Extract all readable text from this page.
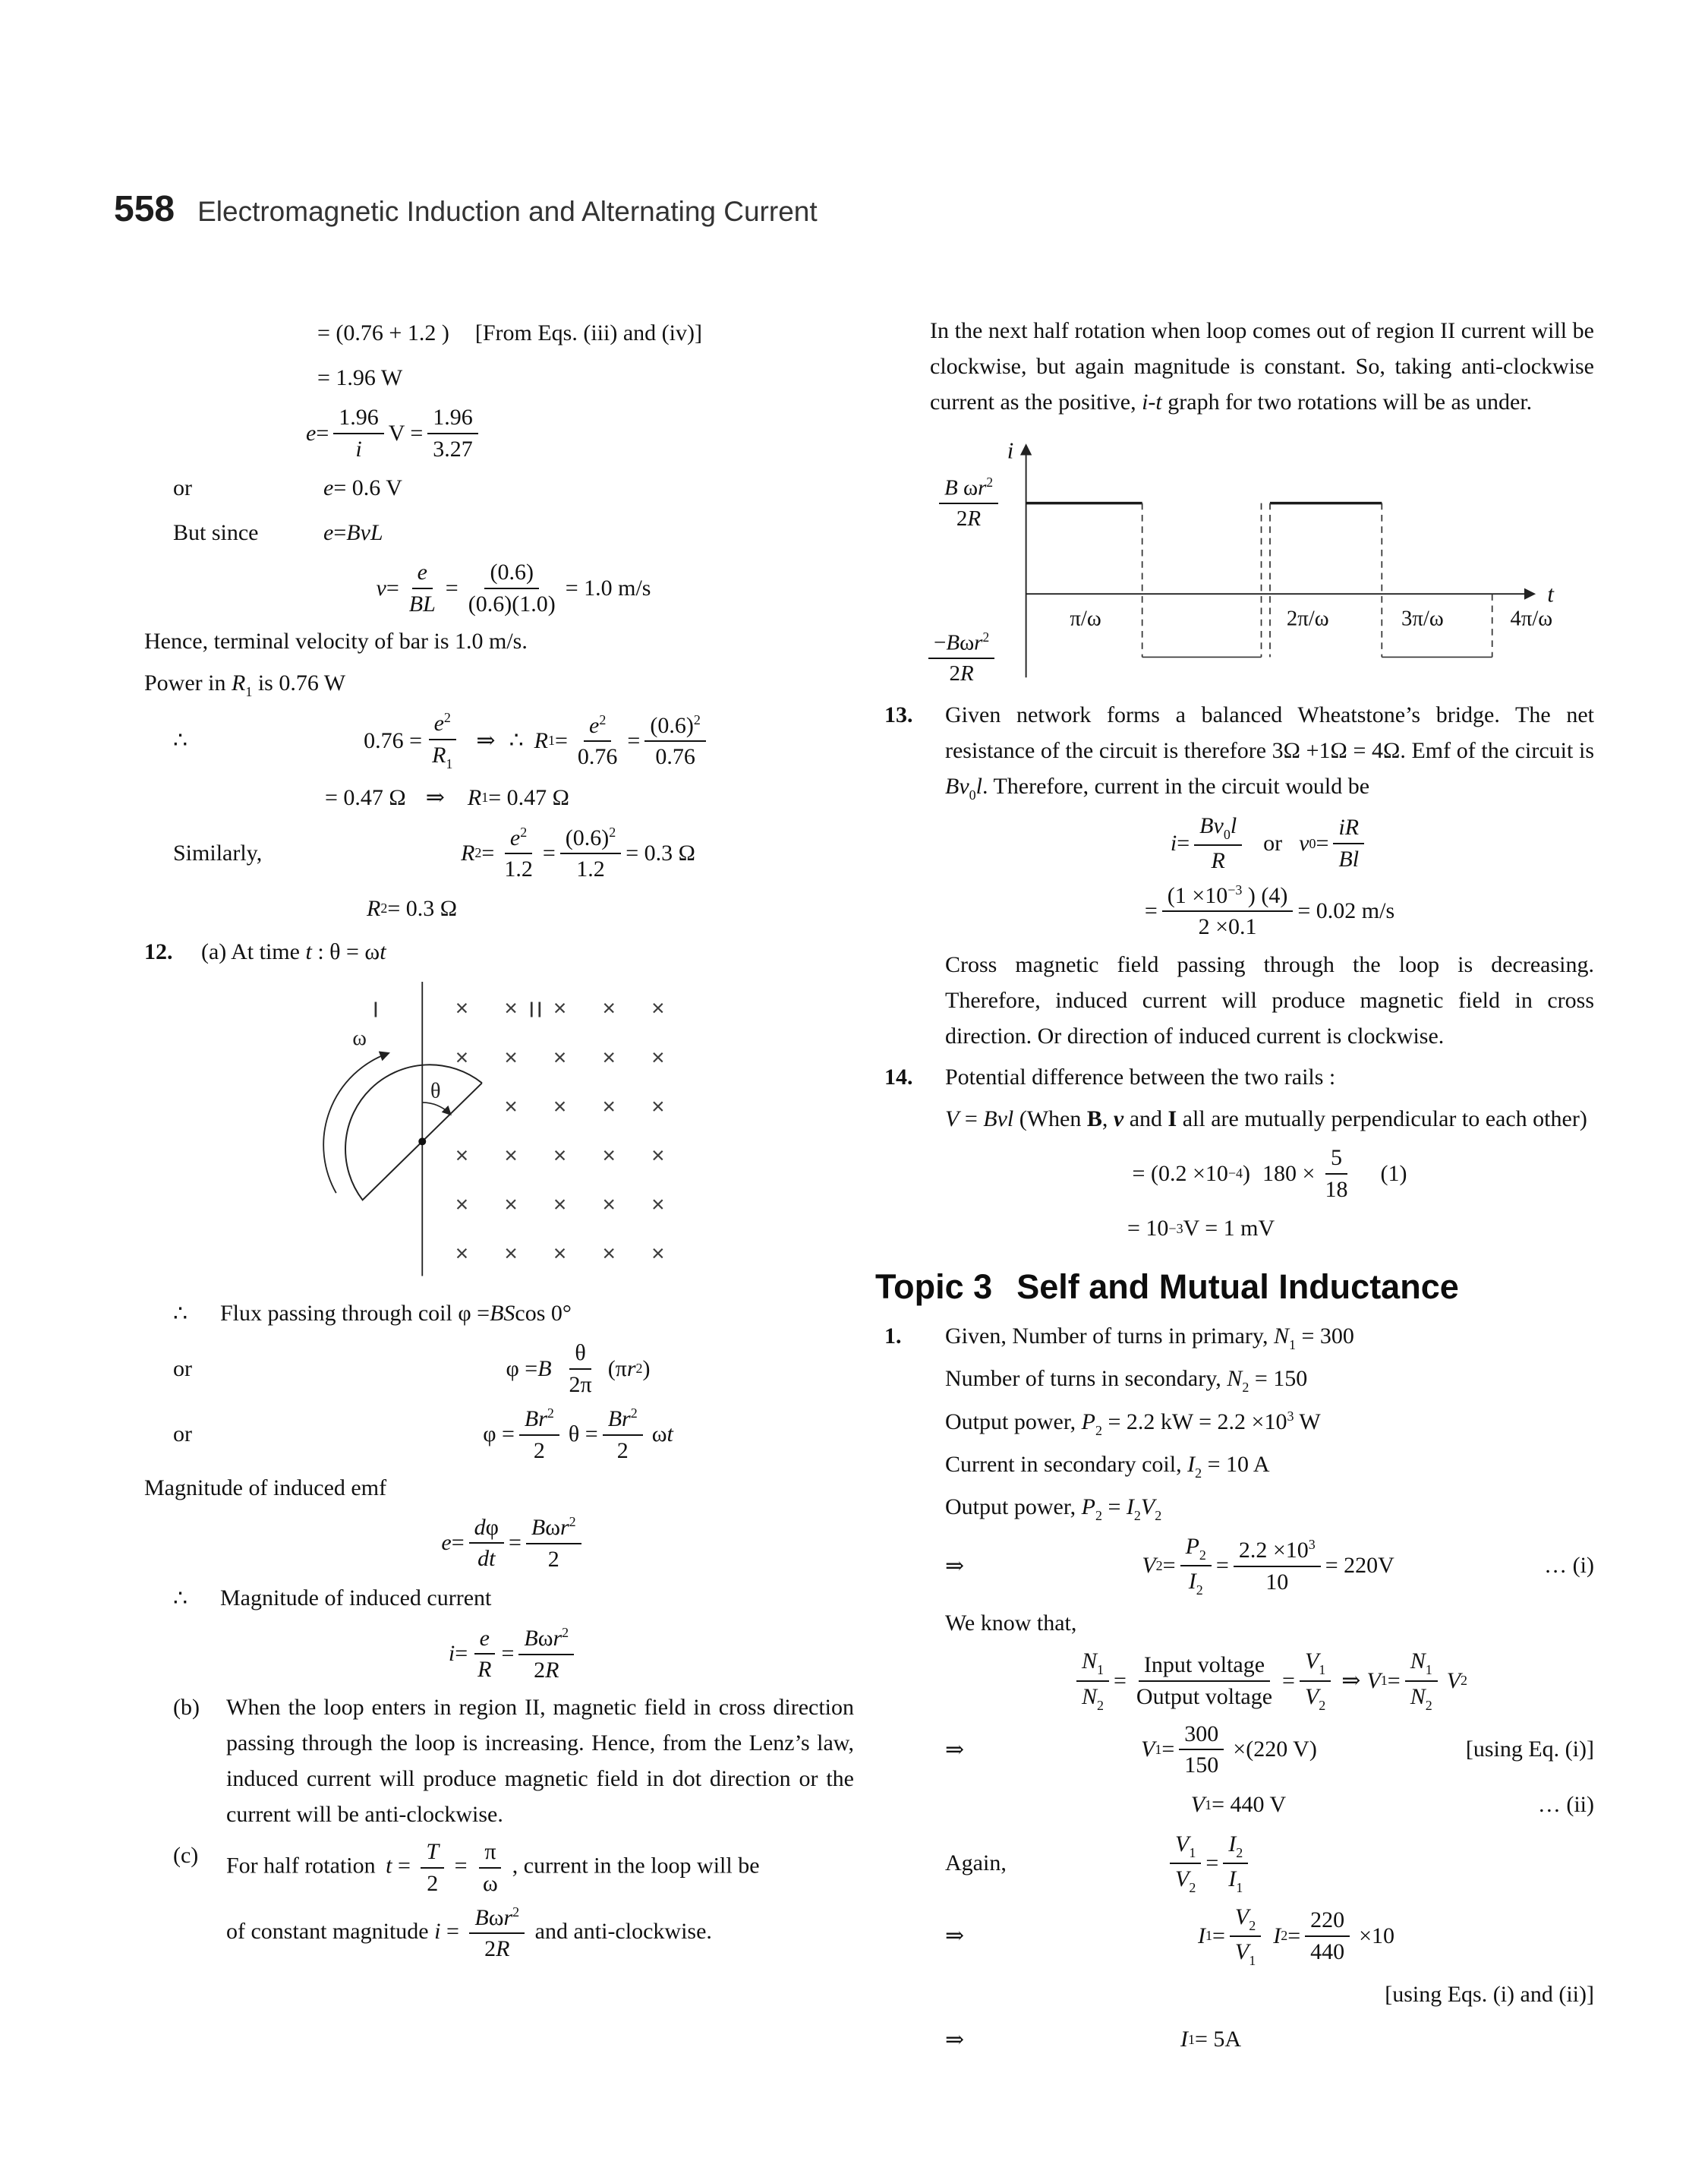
558 Electromagnetic Induction and Alternating Current
= (0.76 + 1.2 ) [From Eqs. (iii) and (iv)]
= 1.96 W
$e = \frac{1.96}{i}$ $V = \frac{1.96}{3.27}$
or	e = 0.6 V
But since	e = BvL
$v = \frac{e}{BL} = \frac{(0.6)}{(0.6)(1.0)} = 1.0$ m/s
Hence, terminal velocity of bar is 1.0 m/s.
Power in $R_1$ is 0.76 W
∴	$0.76 = \frac{e^2}{R_1}$ ⇒ ∴ R $1 = \frac{e^2}{0.76} = \frac{(0.6)^2}{0.76}$
= 0.47 Ω ⇒ R 1 = 0.47 Ω
Similarly,	R $2 = \frac{e^2}{1.2} = \frac{(0.6)^2}{1.2} = 0.3$ Ω
R 2 = 0.3 Ω
12. (a) At time t : θ = ωt
I	II
× × × × ×
× × × × ×
× × × ×
× × × × ×
× × × × ×
× × × × ×
θ
ω
∴	Flux passing through coil φ = BS cos 0°
or	φ = B $\frac{\theta}{2\pi} (\pi$ r 2 )
or	$\varphi = \frac{Br^2}{2}$ $\theta = \frac{Br^2}{2}$ ω t
Magnitude of induced emf
$e = \frac{d\varphi}{dt} = \frac{B\omega r^2}{2}$
∴	Magnitude of induced current
$i = \frac{e}{R} = \frac{B\omega r^2}{2R}$
(b) When the loop enters in region II, magnetic field in cross direction passing through the loop is increasing. Hence, from the Lenz’s law, induced current will produce magnetic field in dot direction or the current will be anti-clockwise.
(c) For half rotation $t = \frac{T}{2} = \frac{\pi}{\omega}$ , current in the loop will be
of constant magnitude $i = \frac{B\omega r^2}{2R}$ and anti-clockwise.
In the next half rotation when loop comes out of region II current will be clockwise, but again magnitude is constant. So, taking anti-clockwise current as the positive, i-t graph for two rotations will be as under.
i
t
π/ω	2π/ω	3π/ω	4π/ω
$\frac{B \omega r^2}{2R}$
−Bωr$^2$
2R
13. Given network forms a balanced Wheatstone’s bridge. The net resistance of the circuit is therefore 3Ω +1Ω = 4Ω. Emf of the circuit is $Bv_0l$. Therefore, current in the circuit would be
$i = \frac{Bv_0l}{R}$ or v $0 = \frac{iR}{Bl}$
= $\frac{(1 \times 10^{-3} ) (4)}{2 \times 0.1} = 0.02$ m/s
Cross magnetic field passing through the loop is decreasing. Therefore, induced current will produce magnetic field in cross direction. Or direction of induced current is clockwise.
14. Potential difference between the two rails :
V = Bvl (When B, v and I all are mutually perpendicular to each other)
= (0.2 ×10 −4 ) $180 \times \frac{5}{18} (1)$
= 10 −3 V = 1 mV
Topic 3 Self and Mutual Inductance
1. Given, Number of turns in primary, $N_1 = 300$
Number of turns in secondary, $N_2 = 150$
Output power, $P_2 = 2.2$ kW = $2.2 \times 10^3$ W
Current in secondary coil, $I_2 = 10$ A
Output power, $P_2 = I_2V_2$
⇒	V $2 = \frac{P_2}{I_2} = \frac{2.2 \times 10^3}{10} = 220V$	… (i)
We know that,
$\frac{N_1}{N_2} = \frac{\text{Input voltage}}{\text{Output voltage}} = \frac{V_1}{V_2}$ ⇒ V $1 = \frac{N_1}{N_2}$ V 2
⇒	V $1 = \frac{300}{150} \times(220$ V)	[using Eq. (i)]
V 1 = 440 V	… (ii)
Again,	$\frac{V_1}{V_2} = \frac{I_2}{I_1}$
⇒	I $1 = \frac{V_2}{V_1}$ I $2 = \frac{220}{440} \times 10$
[using Eqs. (i) and (ii)]
⇒	I 1 = 5A
